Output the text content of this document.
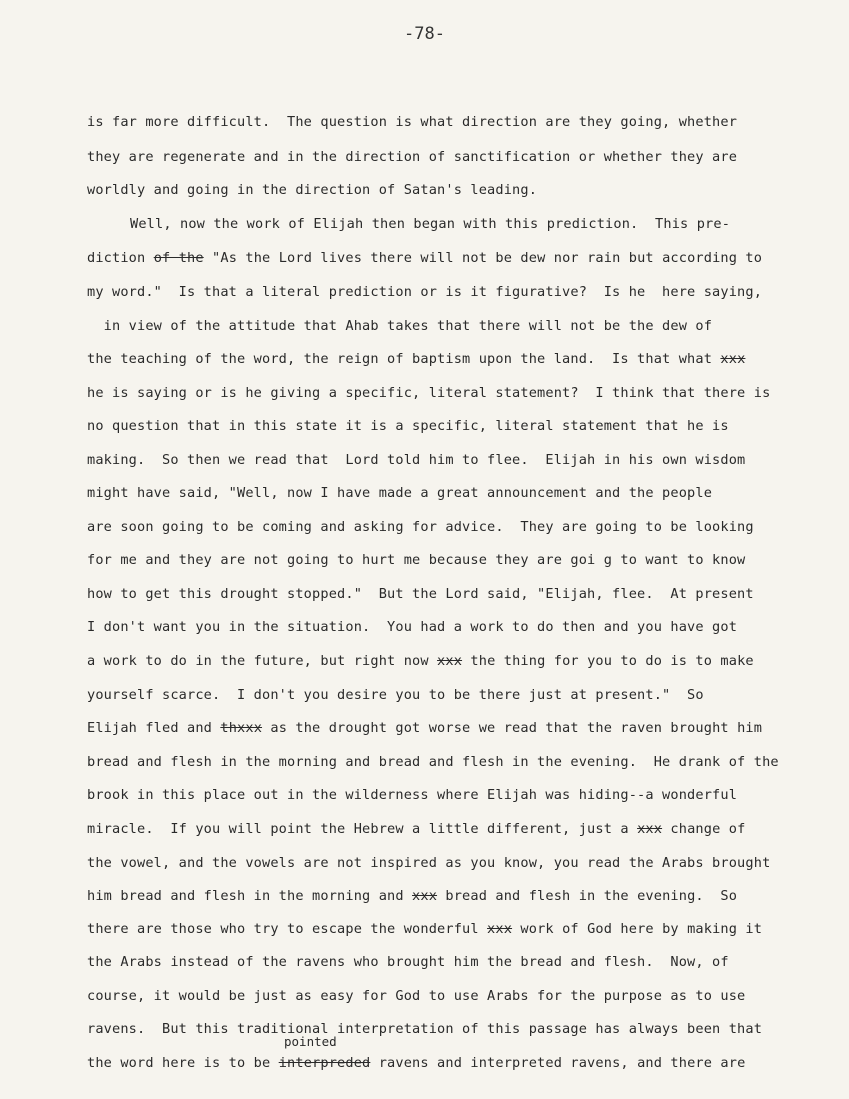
-78-
is far more difficult.  The question is what direction are they going, whether
they are regenerate and in the direction of sanctification or whether they are
worldly and going in the direction of Satan's leading.
Well, now the work of Elijah then began with this prediction.  This pre-
diction of the "As the Lord lives there will not be dew nor rain but according to
my word."  Is that a literal prediction or is it figurative?  Is he  here saying,
in view of the attitude that Ahab takes that there will not be the dew of
the teaching of the word, the reign of baptism upon the land.  Is that what xxx
he is saying or is he giving a specific, literal statement?  I think that there is
no question that in this state it is a specific, literal statement that he is
making.  So then we read that  Lord told him to flee.  Elijah in his own wisdom
might have said, "Well, now I have made a great announcement and the people
are soon going to be coming and asking for advice.  They are going to be looking
for me and they are not going to hurt me because they are goi g to want to know
how to get this drought stopped."  But the Lord said, "Elijah, flee.  At present
I don't want you in the situation.  You had a work to do then and you have got
a work to do in the future, but right now xxx the thing for you to do is to make
yourself scarce.  I don't you desire you to be there just at present."  So
Elijah fled and thxxx as the drought got worse we read that the raven brought him
bread and flesh in the morning and bread and flesh in the evening.  He drank of the
brook in this place out in the wilderness where Elijah was hiding--a wonderful
miracle.  If you will point the Hebrew a little different, just a xxx change of
the vowel, and the vowels are not inspired as you know, you read the Arabs brought
him bread and flesh in the morning and xxx bread and flesh in the evening.  So
there are those who try to escape the wonderful xxx work of God here by making it
the Arabs instead of the ravens who brought him the bread and flesh.  Now, of
course, it would be just as easy for God to use Arabs for the purpose as to use
ravens.  But this traditional interpretation of this passage has always been that
the word here is to be interpreded ravens and interpreted ravens, and there are
pointed
